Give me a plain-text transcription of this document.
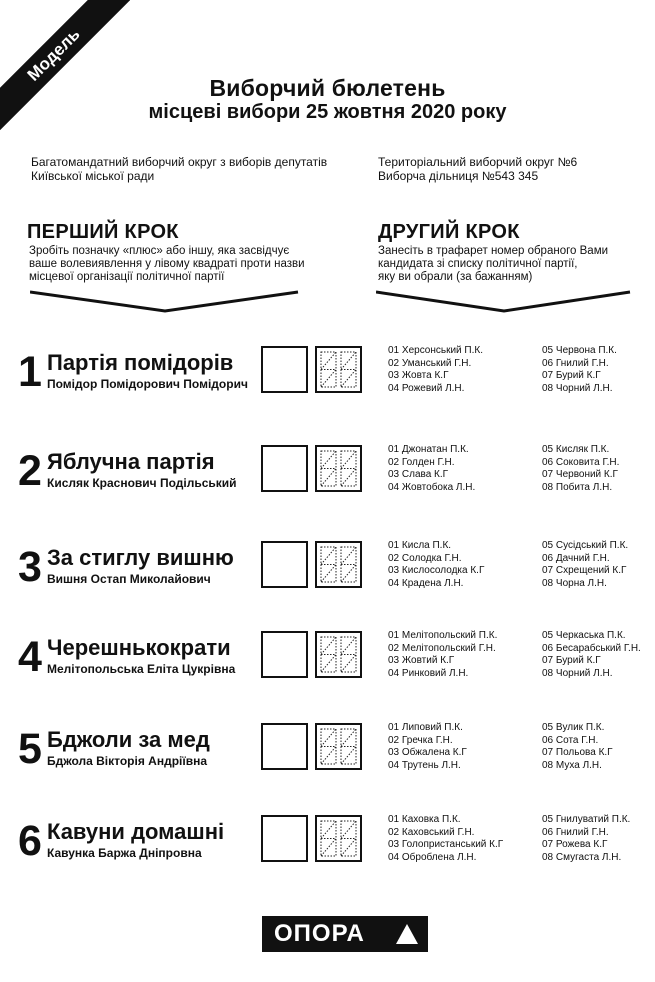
Модель
Виборчий бюлетень
місцеві вибори 25 жовтня 2020 року
Багатомандатний виборчий округ з виборів депутатів
Київської міської ради
Територіальний виборчий округ №6
Виборча дільниця №543 345
ПЕРШИЙ КРОК
Зробіть позначку «плюс» або іншу, яка засвідчує
ваше волевиявлення у лівому квадраті проти назви
місцевої організації політичної партії
ДРУГИЙ КРОК
Занесіть в трафарет номер обраного Вами
кандидата зі списку політичної партії,
яку ви обрали (за бажанням)
1 Партія помідорів
Помідор Помідорович Помідорич
01 Херсонський П.К.
02 Уманський Г.Н.
03 Жовта К.Г
04 Рожевий Л.Н.
05 Червона П.К.
06 Гнилий Г.Н.
07 Бурий К.Г
08 Чорний Л.Н.
2 Яблучна партія
Кисляк Краснович Подільський
01 Джонатан П.К.
02 Голден Г.Н.
03 Слава К.Г
04 Жовтобока Л.Н.
05 Кисляк П.К.
06 Соковита Г.Н.
07 Червоний К.Г
08 Побита Л.Н.
3 За стиглу вишню
Вишня Остап Миколайович
01 Кисла П.К.
02 Солодка Г.Н.
03 Кислосолодка К.Г
04 Крадена Л.Н.
05 Сусідський П.К.
06 Дачний Г.Н.
07 Схрещений К.Г
08 Чорна Л.Н.
4 Черешнькократи
Мелітопольська Еліта Цукрівна
01 Мелітопольский П.К.
02 Мелітопольский Г.Н.
03 Жовтий К.Г
04 Ринковий Л.Н.
05 Черкаська П.К.
06 Бесарабський Г.Н.
07 Бурий К.Г
08 Чорний Л.Н.
5 Бджоли за мед
Бджола Вікторія Андріївна
01 Липовий П.К.
02 Гречка Г.Н.
03 Обжалена К.Г
04 Трутень Л.Н.
05 Вулик П.К.
06 Сота Г.Н.
07 Польова К.Г
08 Муха Л.Н.
6 Кавуни домашні
Кавунка Баржа Дніпровна
01 Каховка П.К.
02 Каховський Г.Н.
03 Голопристанський К.Г
04 Оброблена Л.Н.
05 Гнилуватий П.К.
06 Гнилий Г.Н.
07 Рожева К.Г
08 Смугаста Л.Н.
ОПОРА
